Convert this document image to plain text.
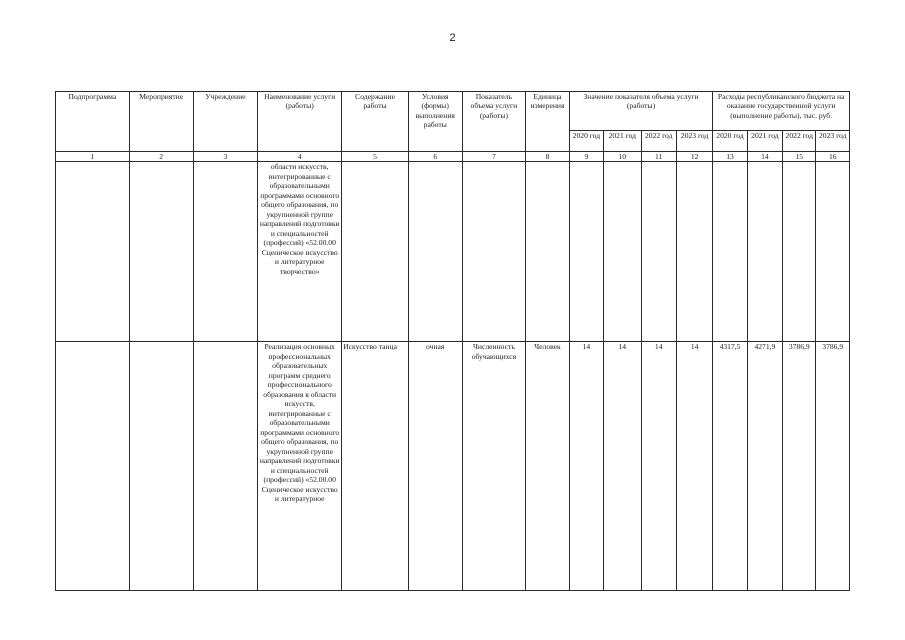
2
Подпрограмма	Мероприятие	Учреждение	Наименование услуги (работы)	Содержание работы	Условия (формы) выполнения работы	Показатель объема услуги (работы)	Единица измерения	Значение показателя объема услуги (работы)				Расходы республиканского бюджета на оказание государственной услуги (выполнение работы), тыс. руб.			
								2020 год	2021 год	2022 год	2023 год	2020 год	2021 год	2022 год	2023 год
1	2	3	4	5	6	7	8	9	10	11	12	13	14	15	16
			области искусств, интегрированные с образовательными программами основного общего образования, по укрупненной группе направлений подготовки и специальностей (профессий) «52.00.00 Сценическое искусство и литературное творчество»												
			Реализация основных профессиональных образовательных программ среднего профессионального образования в области искусств, интегрированные с образовательными программами основного общего образования, по укрупненной группе направлений подготовки и специальностей (профессий) «52.00.00 Сценическое искусство и литературное	Искусство танца	очная	Численность обучающихся	Человек	14	14	14	14	4317,5	4271,9	3786,9	3786,9
